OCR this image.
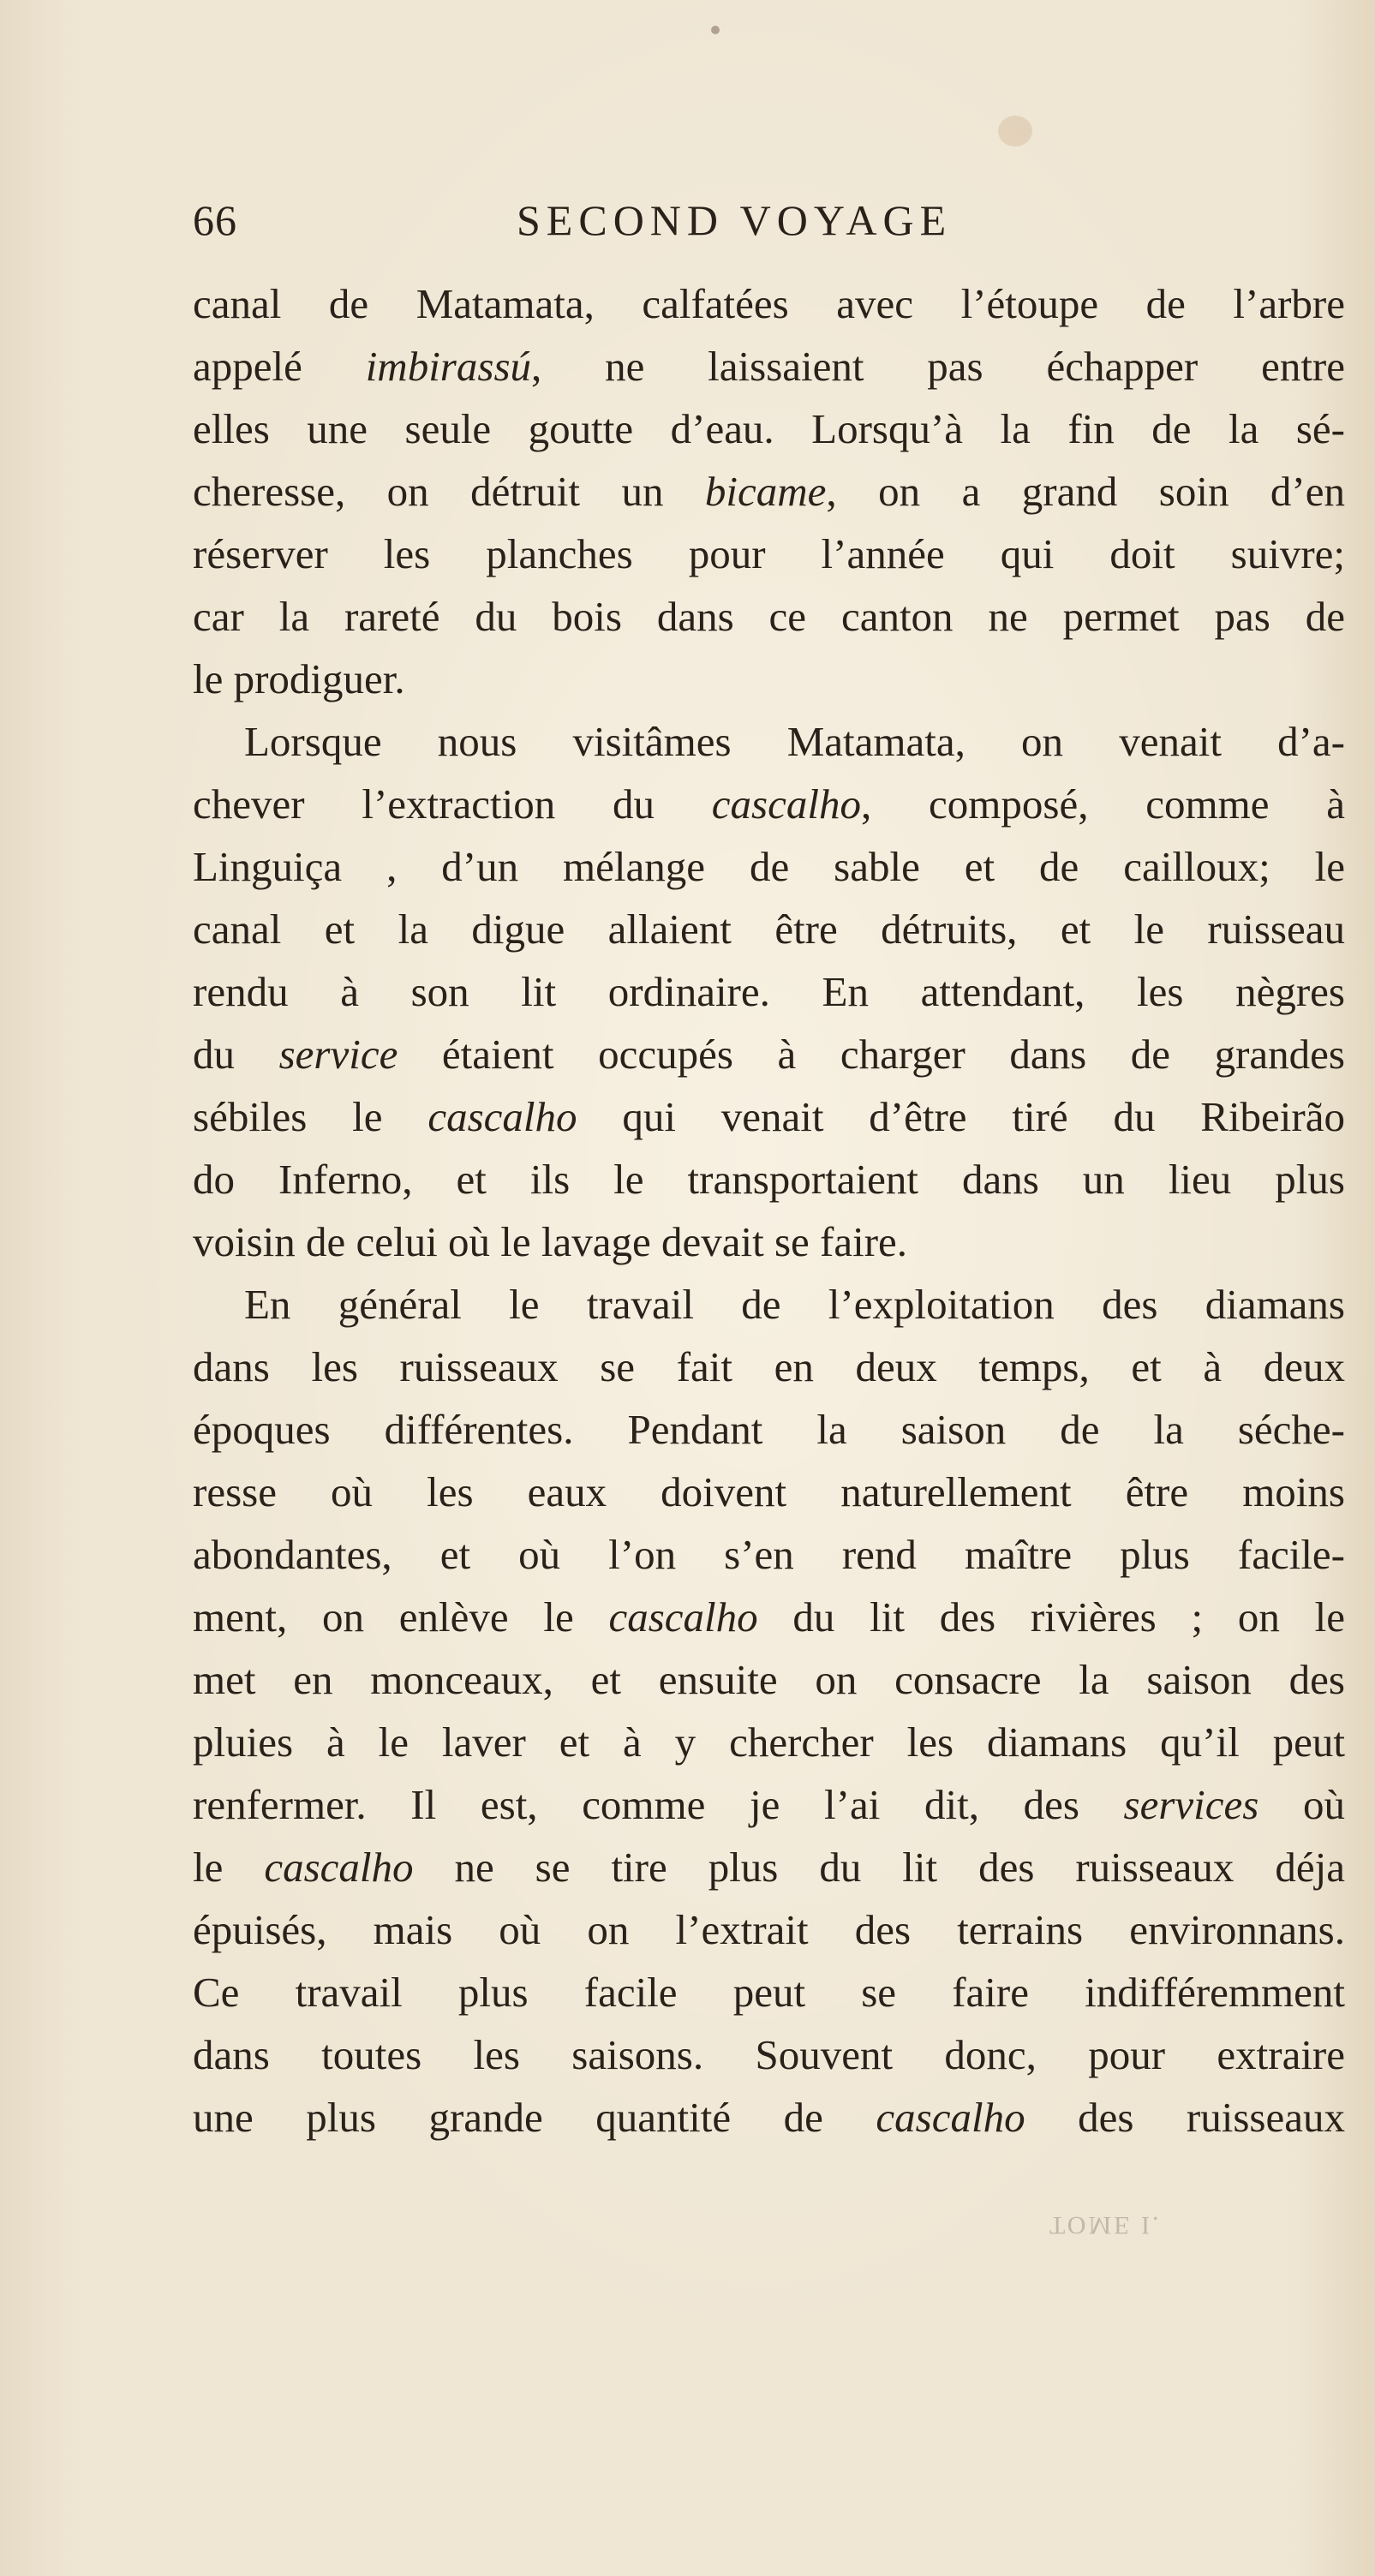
66	SECOND VOYAGE
canal de Matamata, calfatées avec l’étoupe de l’arbre
appelé imbirassú, ne laissaient pas échapper entre
elles une seule goutte d’eau. Lorsqu’à la fin de la sé-
cheresse, on détruit un bicame, on a grand soin d’en
réserver les planches pour l’année qui doit suivre;
car la rareté du bois dans ce canton ne permet pas de
le prodiguer.
Lorsque nous visitâmes Matamata, on venait d’a-
chever l’extraction du cascalho, composé, comme à
Linguiça , d’un mélange de sable et de cailloux; le
canal et la digue allaient être détruits, et le ruisseau
rendu à son lit ordinaire. En attendant, les nègres
du service étaient occupés à charger dans de grandes
sébiles le cascalho qui venait d’être tiré du Ribeirão
do Inferno, et ils le transportaient dans un lieu plus
voisin de celui où le lavage devait se faire.
En général le travail de l’exploitation des diamans
dans les ruisseaux se fait en deux temps, et à deux
époques différentes. Pendant la saison de la séche-
resse où les eaux doivent naturellement être moins
abondantes, et où l’on s’en rend maître plus facile-
ment, on enlève le cascalho du lit des rivières ; on le
met en monceaux, et ensuite on consacre la saison des
pluies à le laver et à y chercher les diamans qu’il peut
renfermer. Il est, comme je l’ai dit, des services où
le cascalho ne se tire plus du lit des ruisseaux déja
épuisés, mais où on l’extrait des terrains environnans.
Ce travail plus facile peut se faire indifféremment
dans toutes les saisons. Souvent donc, pour extraire
une plus grande quantité de cascalho des ruisseaux
TOME I.
